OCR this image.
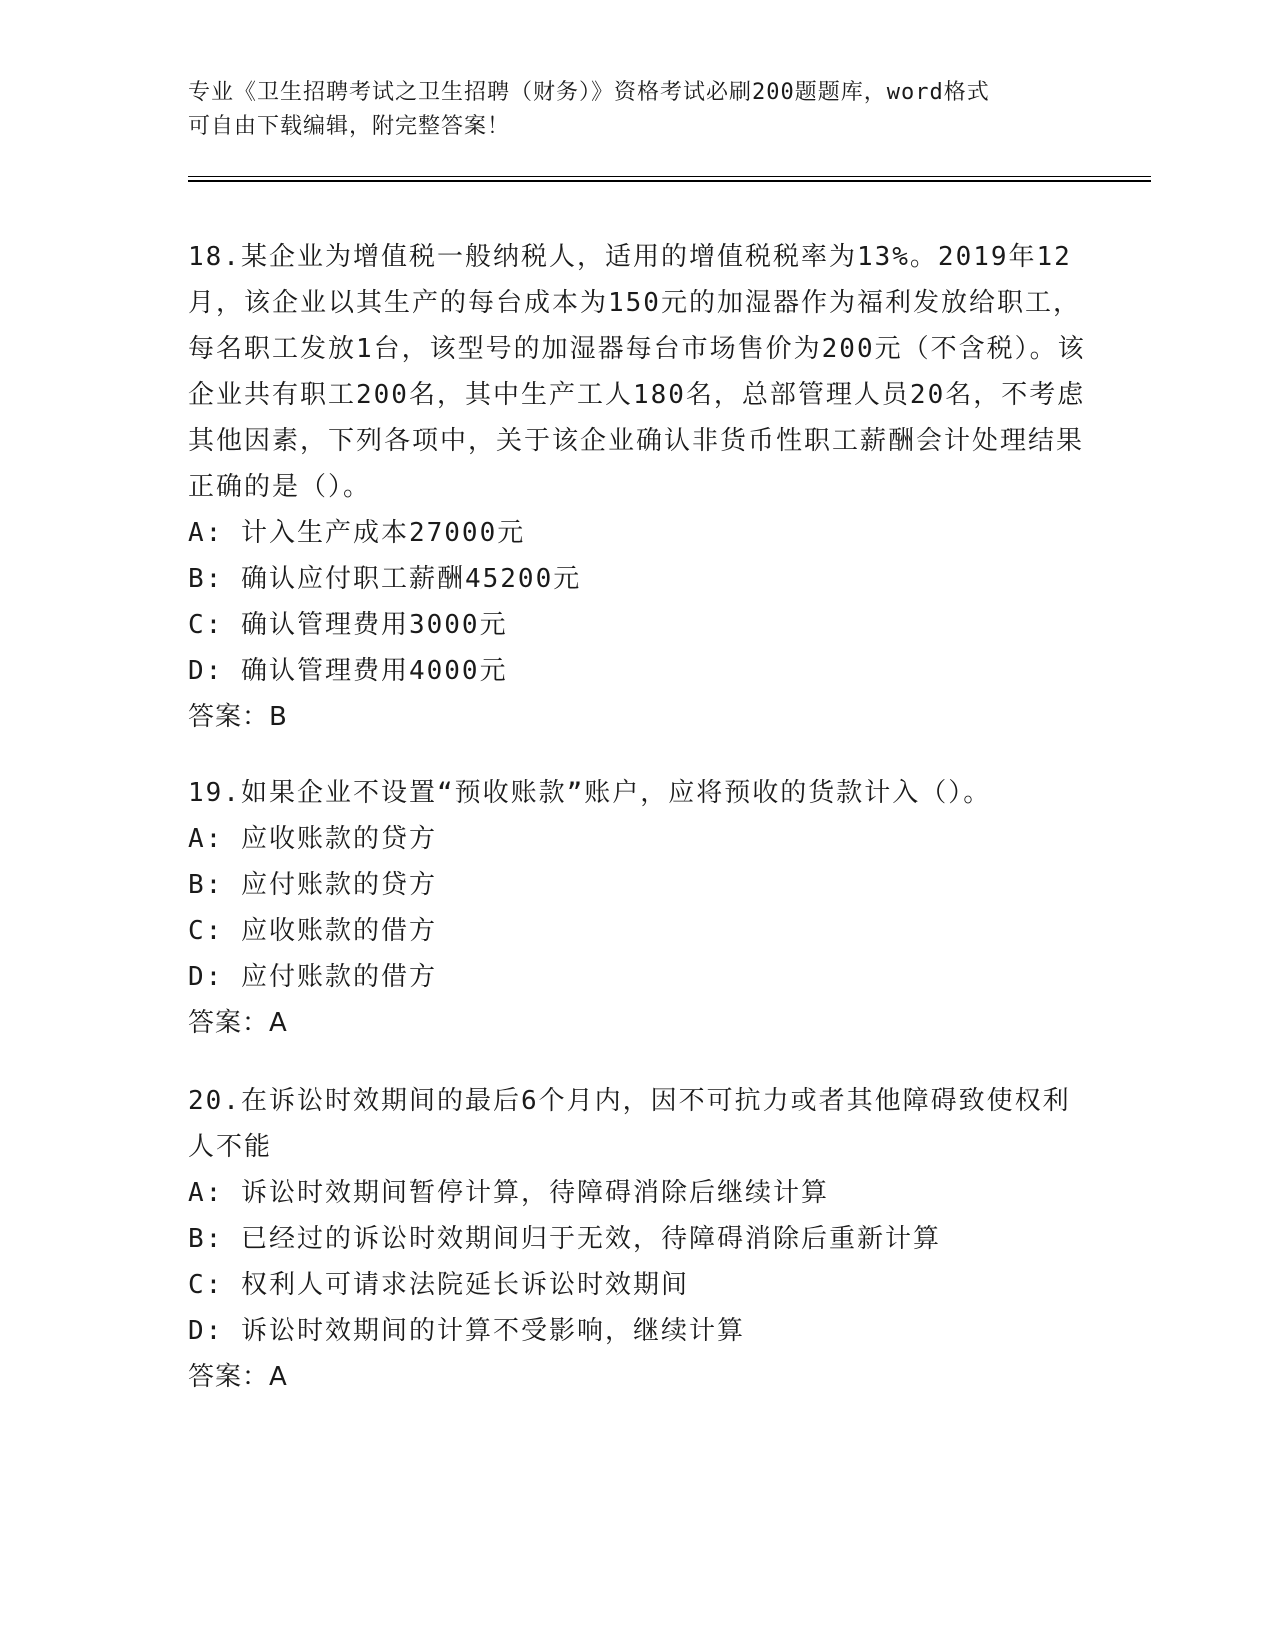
专业《卫生招聘考试之卫生招聘（财务）》资格考试必刷200题题库，word格式
可自由下载编辑，附完整答案！
18.某企业为增值税一般纳税人，适用的增值税税率为13%。2019年12月，该企业以其生产的每台成本为150元的加湿器作为福利发放给职工，每名职工发放1台，该型号的加湿器每台市场售价为200元（不含税）。该企业共有职工200名，其中生产工人180名，总部管理人员20名，不考虑其他因素，下列各项中，关于该企业确认非货币性职工薪酬会计处理结果正确的是（）。
A: 计入生产成本27000元
B: 确认应付职工薪酬45200元
C: 确认管理费用3000元
D: 确认管理费用4000元
答案：B
19.如果企业不设置“预收账款”账户，应将预收的货款计入（）。
A: 应收账款的贷方
B: 应付账款的贷方
C: 应收账款的借方
D: 应付账款的借方
答案：A
20.在诉讼时效期间的最后6个月内，因不可抗力或者其他障碍致使权利人不能
A: 诉讼时效期间暂停计算，待障碍消除后继续计算
B: 已经过的诉讼时效期间归于无效，待障碍消除后重新计算
C: 权利人可请求法院延长诉讼时效期间
D: 诉讼时效期间的计算不受影响，继续计算
答案：A
